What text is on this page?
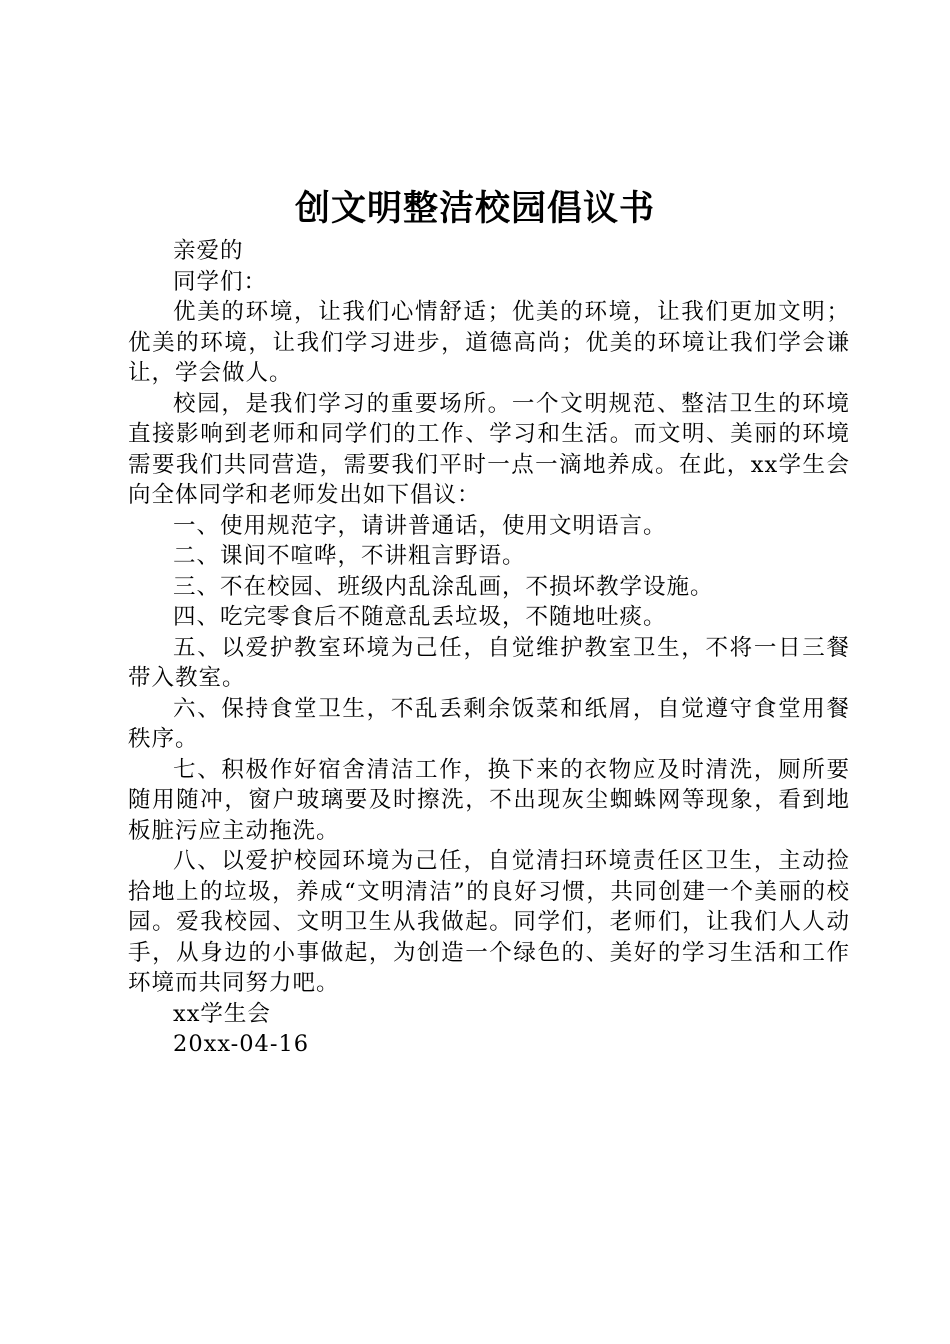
创文明整洁校园倡议书

亲爱的

同学们：

优美的环境，让我们心情舒适；优美的环境，让我们更加文明；优美的环境，让我们学习进步，道德高尚；优美的环境让我们学会谦让，学会做人。

校园，是我们学习的重要场所。一个文明规范、整洁卫生的环境直接影响到老师和同学们的工作、学习和生活。而文明、美丽的环境需要我们共同营造，需要我们平时一点一滴地养成。在此，xx学生会向全体同学和老师发出如下倡议：

一、使用规范字，请讲普通话，使用文明语言。

二、课间不喧哗，不讲粗言野语。

三、不在校园、班级内乱涂乱画，不损坏教学设施。

四、吃完零食后不随意乱丢垃圾，不随地吐痰。

五、以爱护教室环境为己任，自觉维护教室卫生，不将一日三餐带入教室。

六、保持食堂卫生，不乱丢剩余饭菜和纸屑，自觉遵守食堂用餐秩序。

七、积极作好宿舍清洁工作，换下来的衣物应及时清洗，厕所要随用随冲，窗户玻璃要及时擦洗，不出现灰尘蜘蛛网等现象，看到地板脏污应主动拖洗。

八、以爱护校园环境为己任，自觉清扫环境责任区卫生，主动捡拾地上的垃圾，养成“文明清洁”的良好习惯，共同创建一个美丽的校园。爱我校园、文明卫生从我做起。同学们，老师们，让我们人人动手，从身边的小事做起，为创造一个绿色的、美好的学习生活和工作环境而共同努力吧。

xx学生会

20xx-04-16
